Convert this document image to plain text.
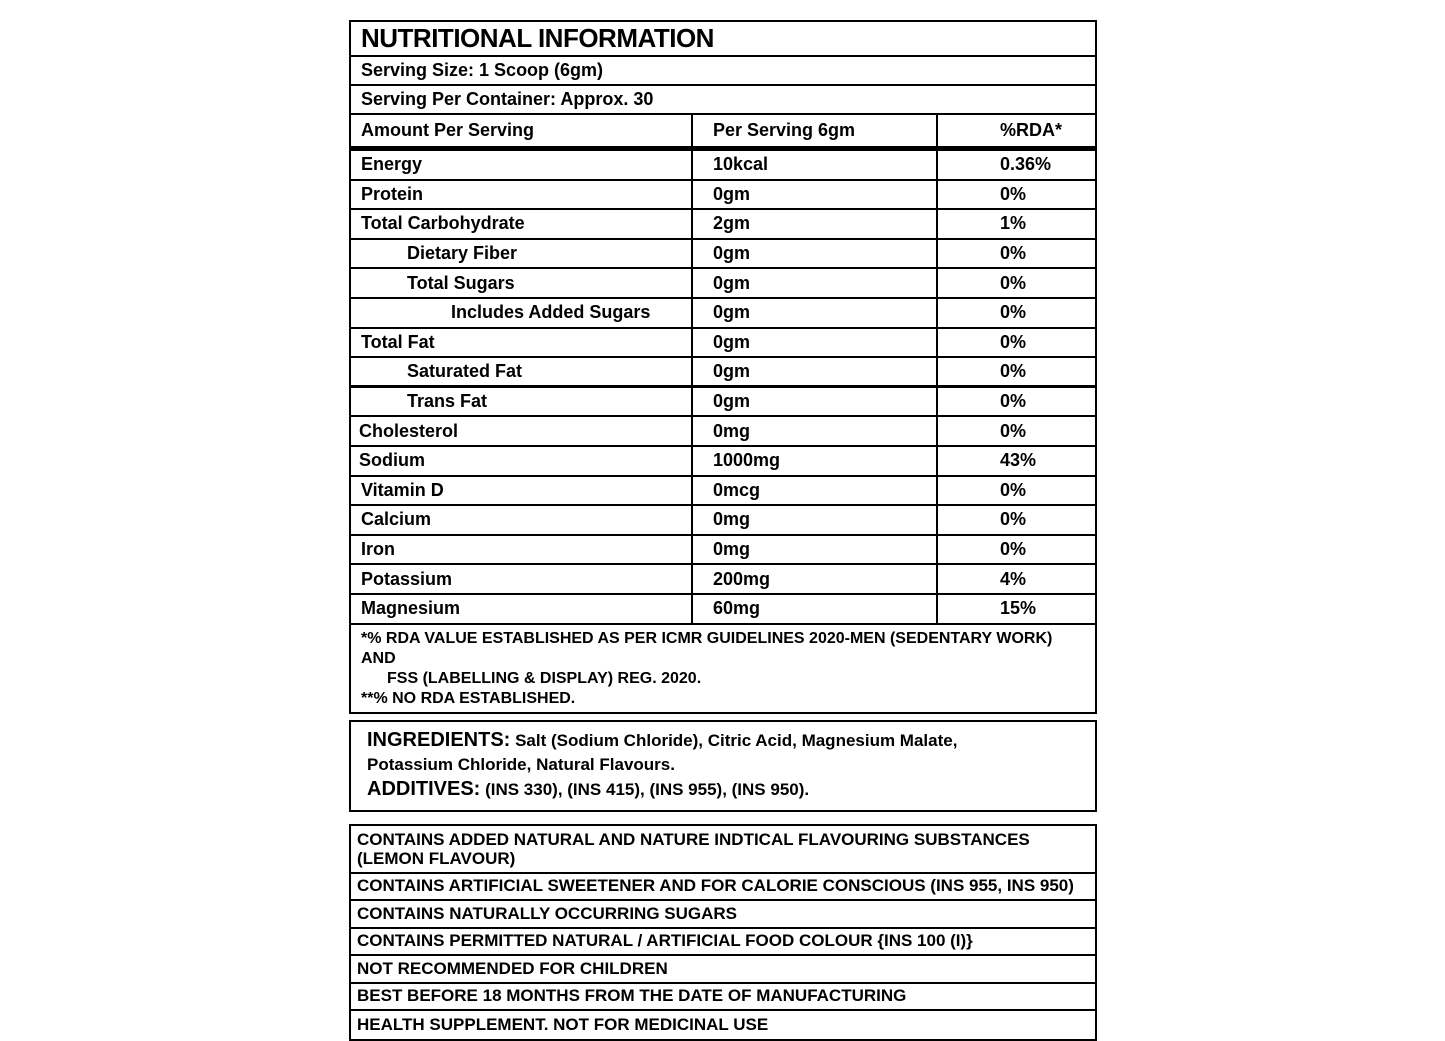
NUTRITIONAL INFORMATION
Serving Size: 1 Scoop (6gm)
Serving Per Container: Approx. 30
Amount Per Serving	Per Serving 6gm	%RDA*
Energy	10kcal	0.36%
Protein	0gm	0%
Total Carbohydrate	2gm	1%
Dietary Fiber	0gm	0%
Total Sugars	0gm	0%
Includes Added Sugars	0gm	0%
Total Fat	0gm	0%
Saturated Fat	0gm	0%
Trans Fat	0gm	0%
Cholesterol	0mg	0%
Sodium	1000mg	43%
Vitamin D	0mcg	0%
Calcium	0mg	0%
Iron	0mg	0%
Potassium	200mg	4%
Magnesium	60mg	15%
*% RDA VALUE ESTABLISHED AS PER ICMR GUIDELINES 2020-MEN (SEDENTARY WORK) AND
FSS (LABELLING & DISPLAY) REG. 2020.
**% NO RDA ESTABLISHED.
INGREDIENTS: Salt (Sodium Chloride), Citric Acid, Magnesium Malate,
Potassium Chloride, Natural Flavours.
ADDITIVES: (INS 330), (INS 415), (INS 955), (INS 950).
CONTAINS ADDED NATURAL AND NATURE INDTICAL FLAVOURING SUBSTANCES
(LEMON FLAVOUR)
CONTAINS ARTIFICIAL SWEETENER AND FOR CALORIE CONSCIOUS (INS 955, INS 950)
CONTAINS NATURALLY OCCURRING SUGARS
CONTAINS PERMITTED NATURAL / ARTIFICIAL FOOD COLOUR {INS 100 (I)}
NOT RECOMMENDED FOR CHILDREN
BEST BEFORE 18 MONTHS FROM THE DATE OF MANUFACTURING
HEALTH SUPPLEMENT. NOT FOR MEDICINAL USE
